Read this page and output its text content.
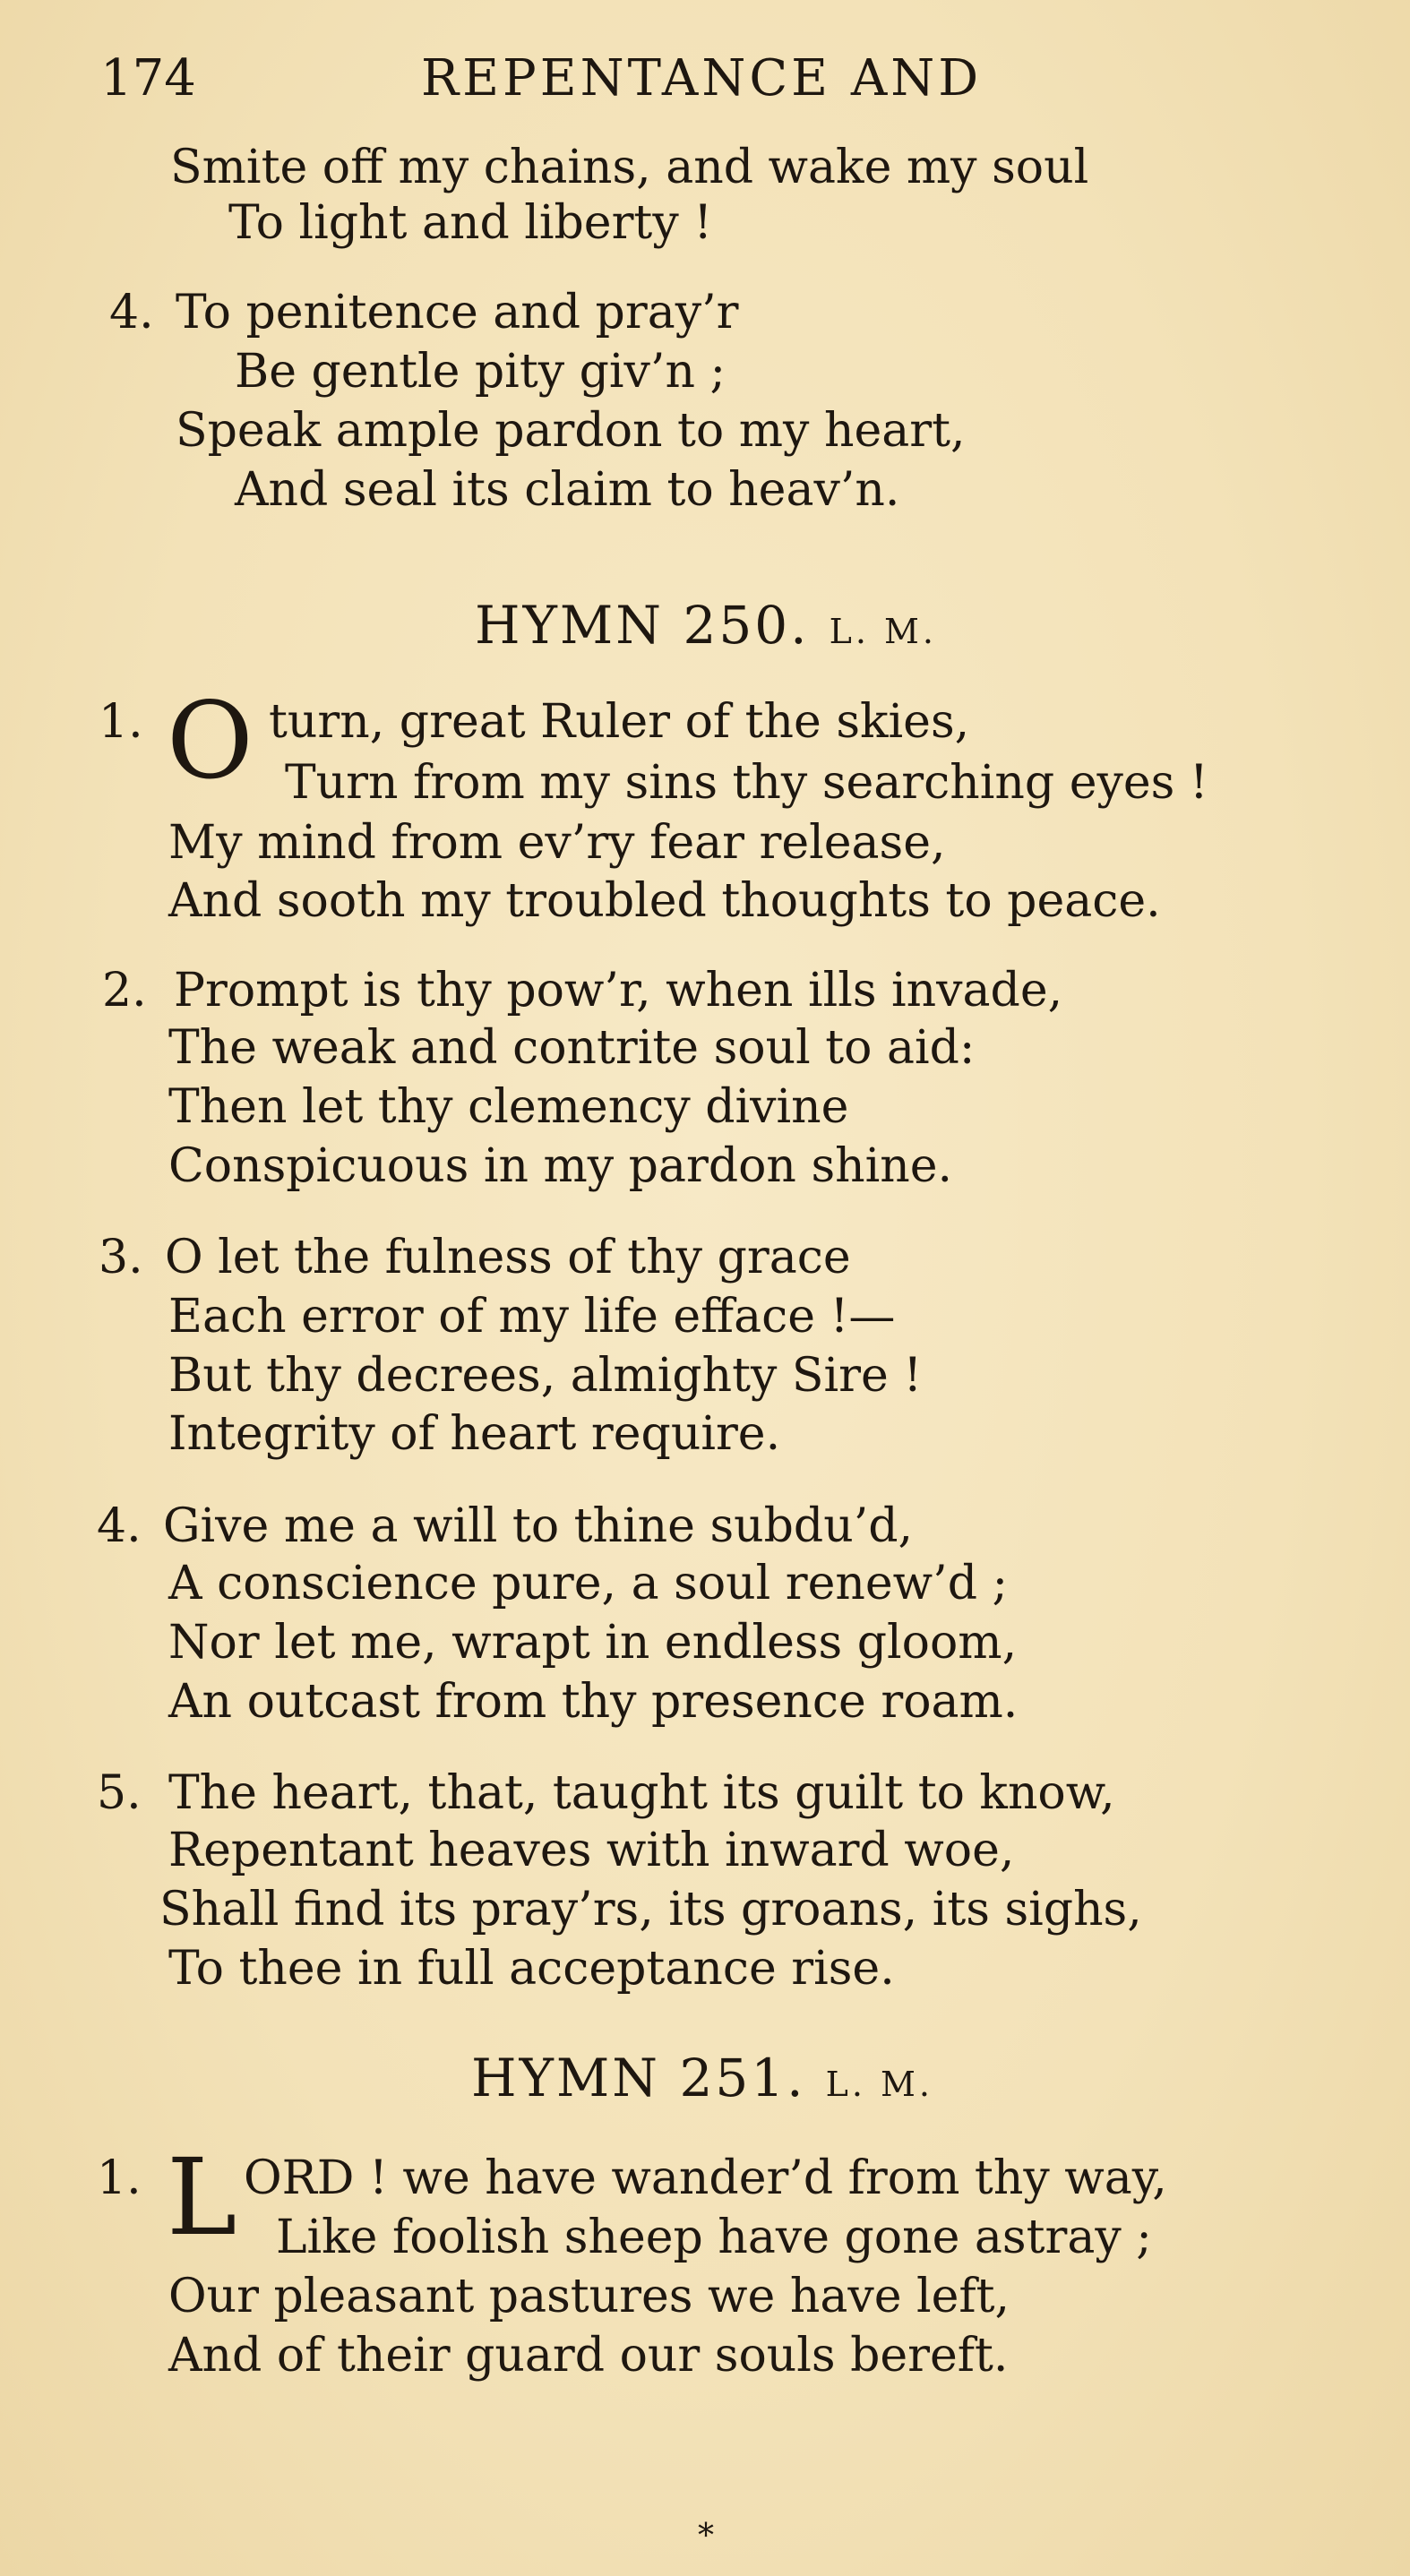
174	REPENTANCE AND
Smite off my chains, and wake my soul
To light and liberty !
4. To penitence and pray’r
Be gentle pity giv’n ;
Speak ample pardon to my heart,
And seal its claim to heav’n.
HYMN 250. L. M.
1. O turn, great Ruler of the skies,
Turn from my sins thy searching eyes !
My mind from ev’ry fear release,
And sooth my troubled thoughts to peace.
2. Prompt is thy pow’r, when ills invade,
The weak and contrite soul to aid:
Then let thy clemency divine
Conspicuous in my pardon shine.
3. O let the fulness of thy grace
Each error of my life efface !—
But thy decrees, almighty Sire !
Integrity of heart require.
4. Give me a will to thine subdu’d,
A conscience pure, a soul renew’d ;
Nor let me, wrapt in endless gloom,
An outcast from thy presence roam.
5. The heart, that, taught its guilt to know,
Repentant heaves with inward woe,
Shall find its pray’rs, its groans, its sighs,
To thee in full acceptance rise.
HYMN 251. L. M.
1. L ORD ! we have wander’d from thy way,
Like foolish sheep have gone astray ;
Our pleasant pastures we have left,
And of their guard our souls bereft.
*
